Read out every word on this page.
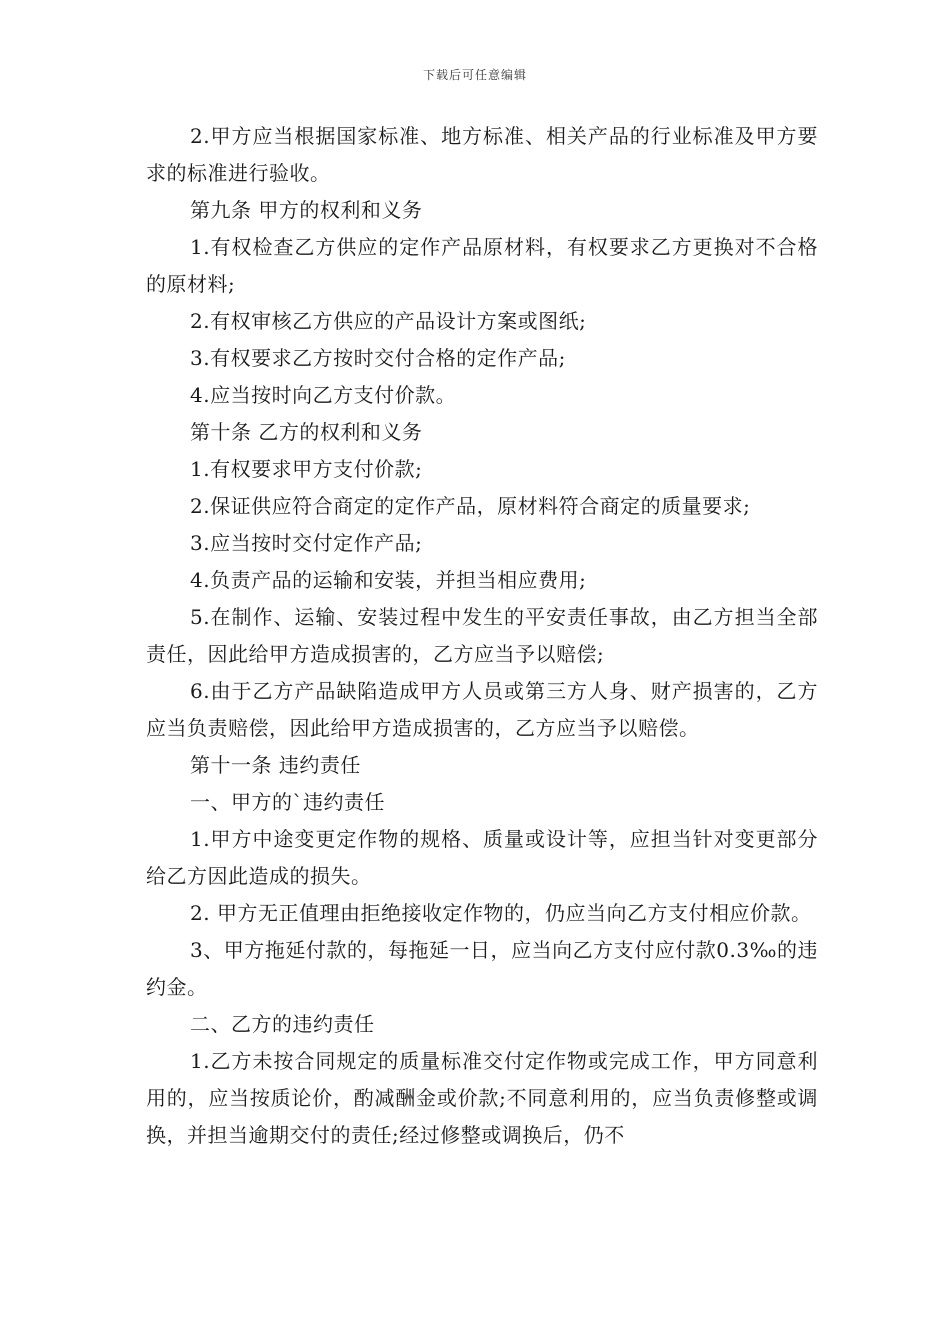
下载后可任意编辑

2.甲方应当根据国家标准、地方标准、相关产品的行业标准及甲方要求的标准进行验收。

第九条 甲方的权利和义务

1.有权检查乙方供应的定作产品原材料，有权要求乙方更换对不合格的原材料;

2.有权审核乙方供应的产品设计方案或图纸;

3.有权要求乙方按时交付合格的定作产品;

4.应当按时向乙方支付价款。

第十条 乙方的权利和义务

1.有权要求甲方支付价款;

2.保证供应符合商定的定作产品，原材料符合商定的质量要求;

3.应当按时交付定作产品;

4.负责产品的运输和安装，并担当相应费用;

5.在制作、运输、安装过程中发生的平安责任事故，由乙方担当全部责任，因此给甲方造成损害的，乙方应当予以赔偿;

6.由于乙方产品缺陷造成甲方人员或第三方人身、财产损害的，乙方应当负责赔偿，因此给甲方造成损害的，乙方应当予以赔偿。

第十一条 违约责任

一、甲方的`违约责任

1.甲方中途变更定作物的规格、质量或设计等，应担当针对变更部分给乙方因此造成的损失。

2. 甲方无正值理由拒绝接收定作物的，仍应当向乙方支付相应价款。

3、甲方拖延付款的，每拖延一日，应当向乙方支付应付款0.3‰的违约金。

二、乙方的违约责任

1.乙方未按合同规定的质量标准交付定作物或完成工作，甲方同意利用的，应当按质论价，酌减酬金或价款;不同意利用的，应当负责修整或调换，并担当逾期交付的责任;经过修整或调换后，仍不
